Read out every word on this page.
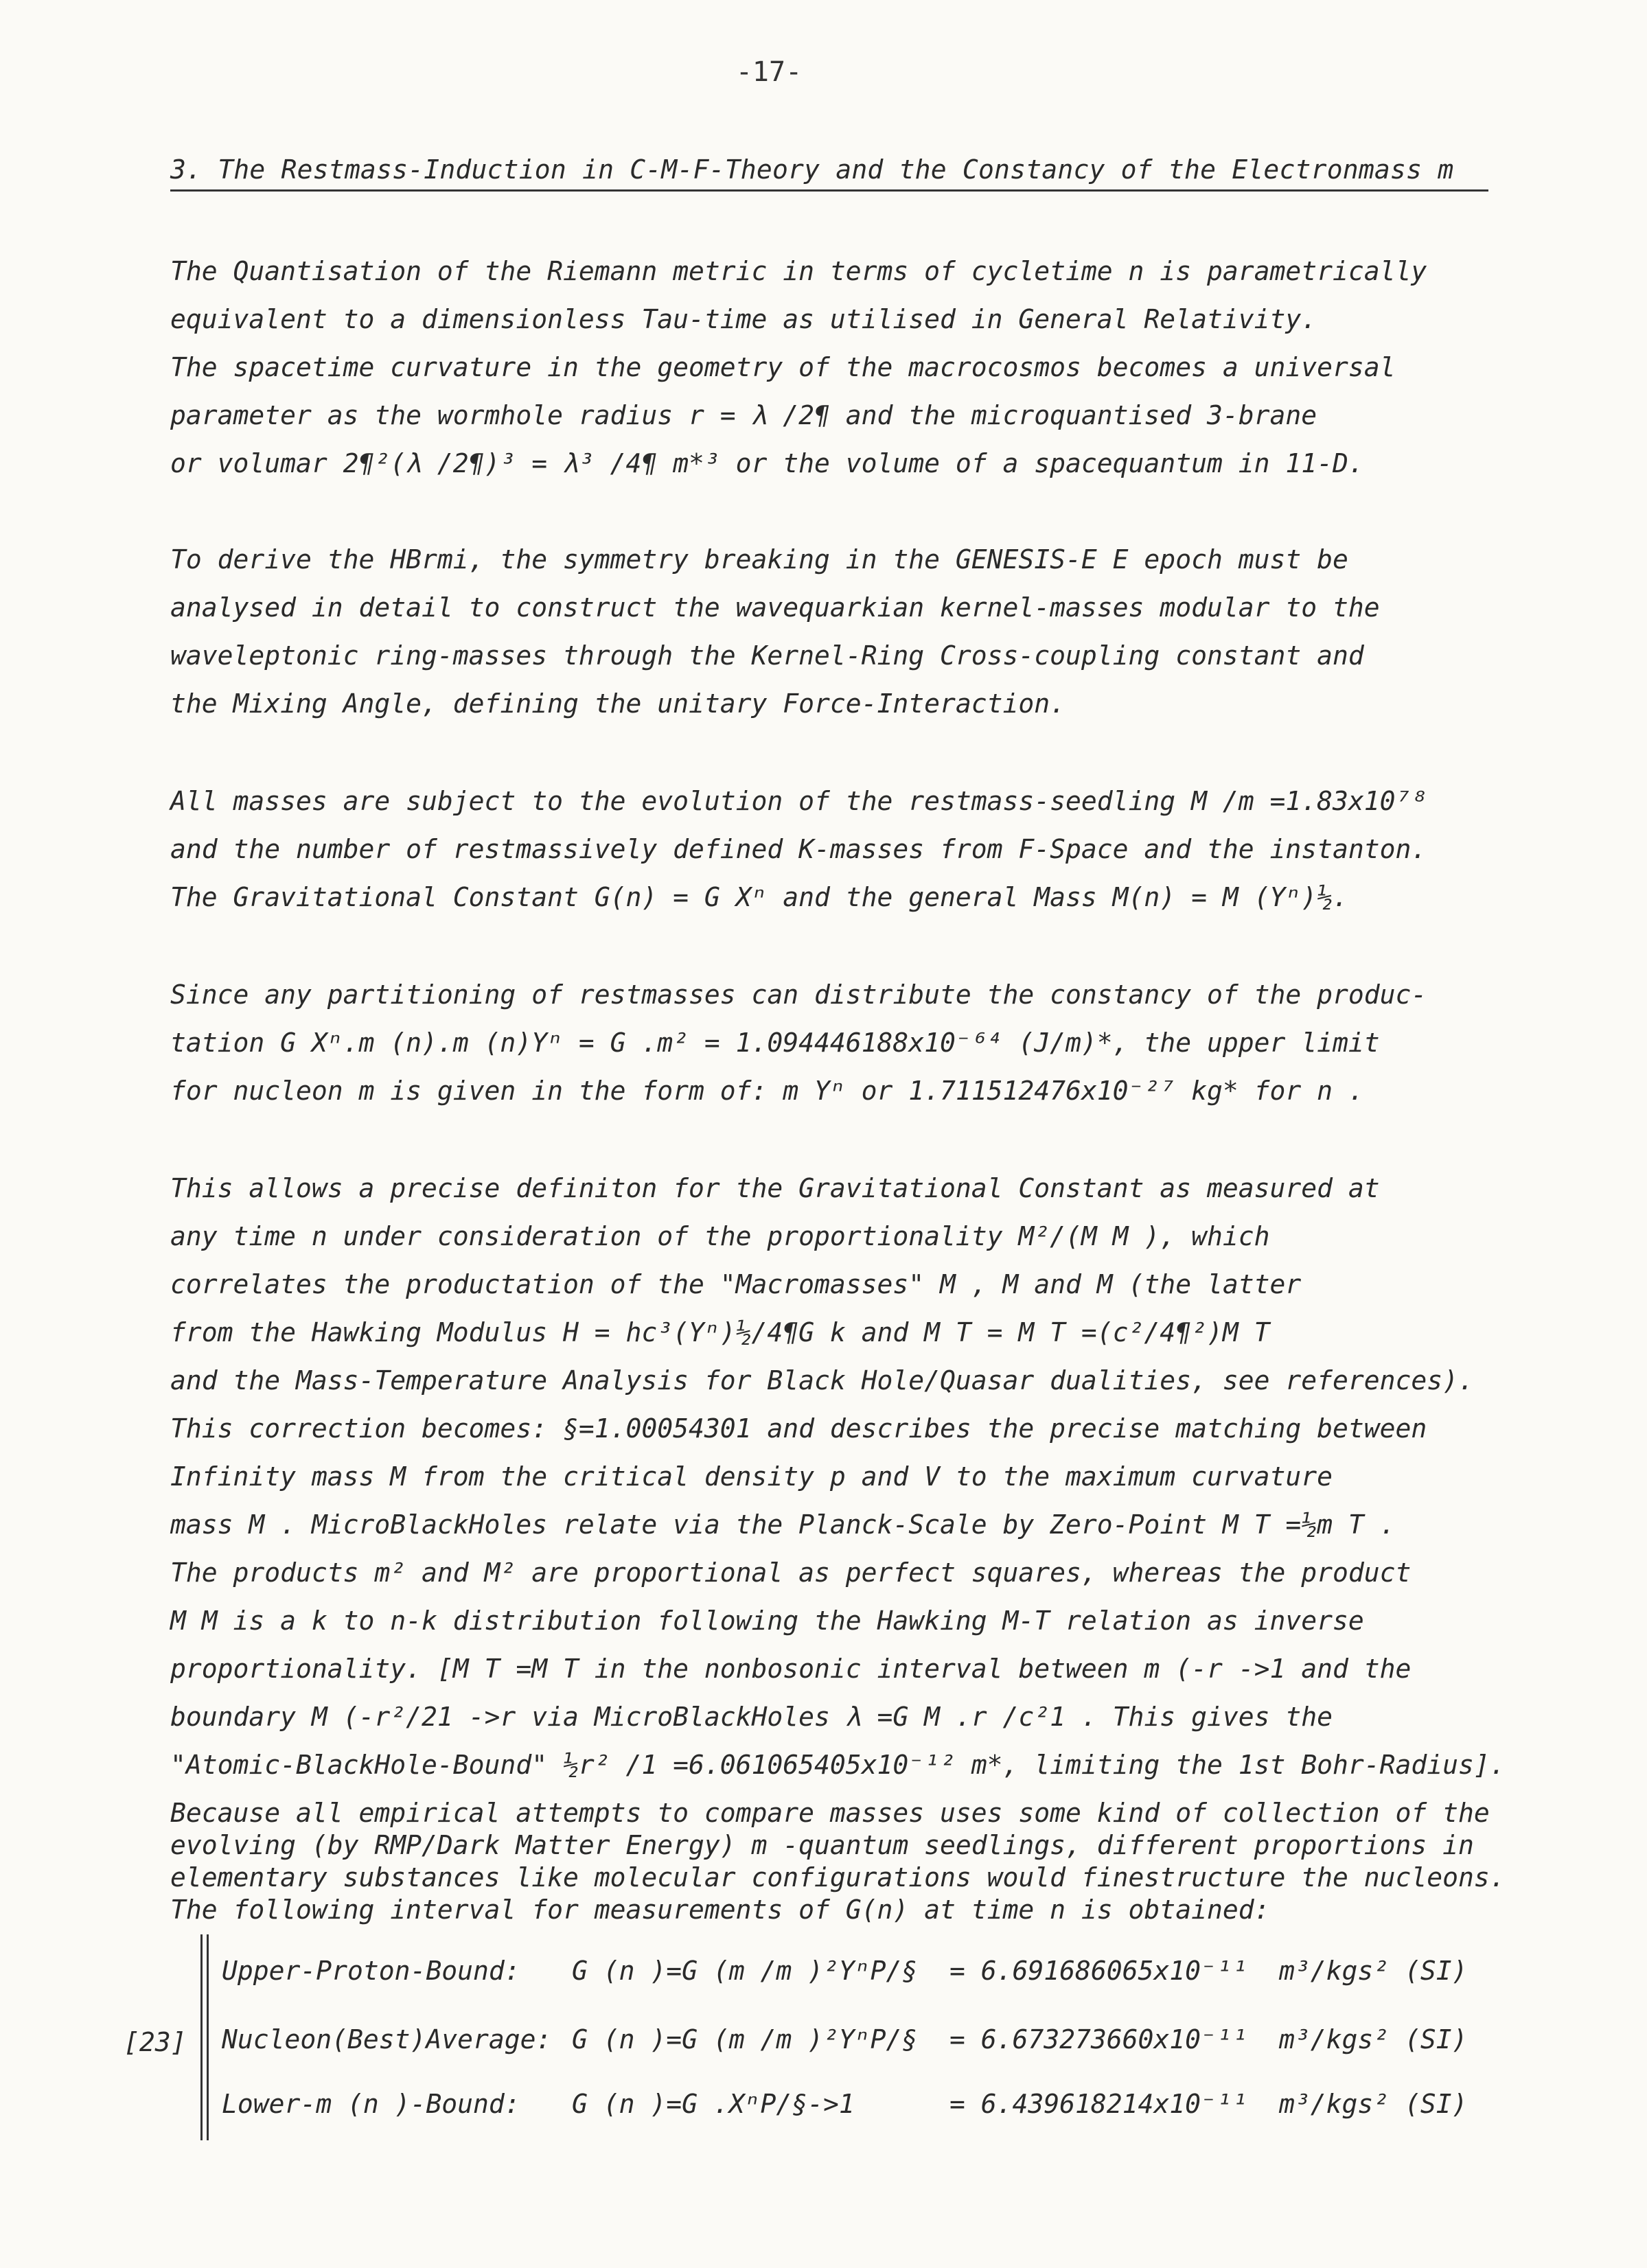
-17-
3. The Restmass-Induction in C-M-F-Theory and the Constancy of the Electronmass m
The Quantisation of the Riemann metric in terms of cycletime n is parametrically
equivalent to a dimensionless Tau-time as utilised in General Relativity.
The spacetime curvature in the geometry of the macrocosmos becomes a universal
parameter as the wormhole radius r = λ /2¶ and the microquantised 3-brane
or volumar 2¶²(λ /2¶)³ = λ³ /4¶ m*³ or the volume of a spacequantum in 11-D.
To derive the HBrmi, the symmetry breaking in the GENESIS-E E epoch must be
analysed in detail to construct the wavequarkian kernel-masses modular to the
waveleptonic ring-masses through the Kernel-Ring Cross-coupling constant and
the Mixing Angle, defining the unitary Force-Interaction.
All masses are subject to the evolution of the restmass-seedling M /m =1.83x10⁷⁸
and the number of restmassively defined K-masses from F-Space and the instanton.
The Gravitational Constant G(n) = G Xⁿ and the general Mass M(n) = M (Yⁿ)½.
Since any partitioning of restmasses can distribute the constancy of the produc-
tation G Xⁿ.m (n).m (n)Yⁿ = G .m² = 1.094446188x10⁻⁶⁴ (J/m)*, the upper limit
for nucleon m is given in the form of: m Yⁿ or 1.711512476x10⁻²⁷ kg* for n .
This allows a precise definiton for the Gravitational Constant as measured at
any time n under consideration of the proportionality M²/(M M ), which
correlates the productation of the "Macromasses" M , M and M (the latter
from the Hawking Modulus H = hc³(Yⁿ)½/4¶G k and M T = M T =(c²/4¶²)M T
and the Mass-Temperature Analysis for Black Hole/Quasar dualities, see references).
This correction becomes: §=1.00054301 and describes the precise matching between
Infinity mass M from the critical density p and V to the maximum curvature
mass M . MicroBlackHoles relate via the Planck-Scale by Zero-Point M T =½m T .
The products m² and M² are proportional as perfect squares, whereas the product
M M is a k to n-k distribution following the Hawking M-T relation as inverse
proportionality. [M T =M T in the nonbosonic interval between m (-r ->1 and the
boundary M (-r²/21 ->r via MicroBlackHoles λ =G M .r /c²1 . This gives the
"Atomic-BlackHole-Bound" ½r² /1 =6.061065405x10⁻¹² m*, limiting the 1st Bohr-Radius].
Because all empirical attempts to compare masses uses some kind of collection of the
evolving (by RMP/Dark Matter Energy) m -quantum seedlings, different proportions in
elementary substances like molecular configurations would finestructure the nucleons.
The following interval for measurements of G(n) at time n is obtained:
[23]
Upper-Proton-Bound: G (n )=G (m /m )²YⁿP/§ = 6.691686065x10⁻¹¹ m³/kgs² (SI)
Nucleon(Best)Average: G (n )=G (m /m )²YⁿP/§ = 6.673273660x10⁻¹¹ m³/kgs² (SI)
Lower-m (n )-Bound: G (n )=G .XⁿP/§->1	= 6.439618214x10⁻¹¹ m³/kgs² (SI)
